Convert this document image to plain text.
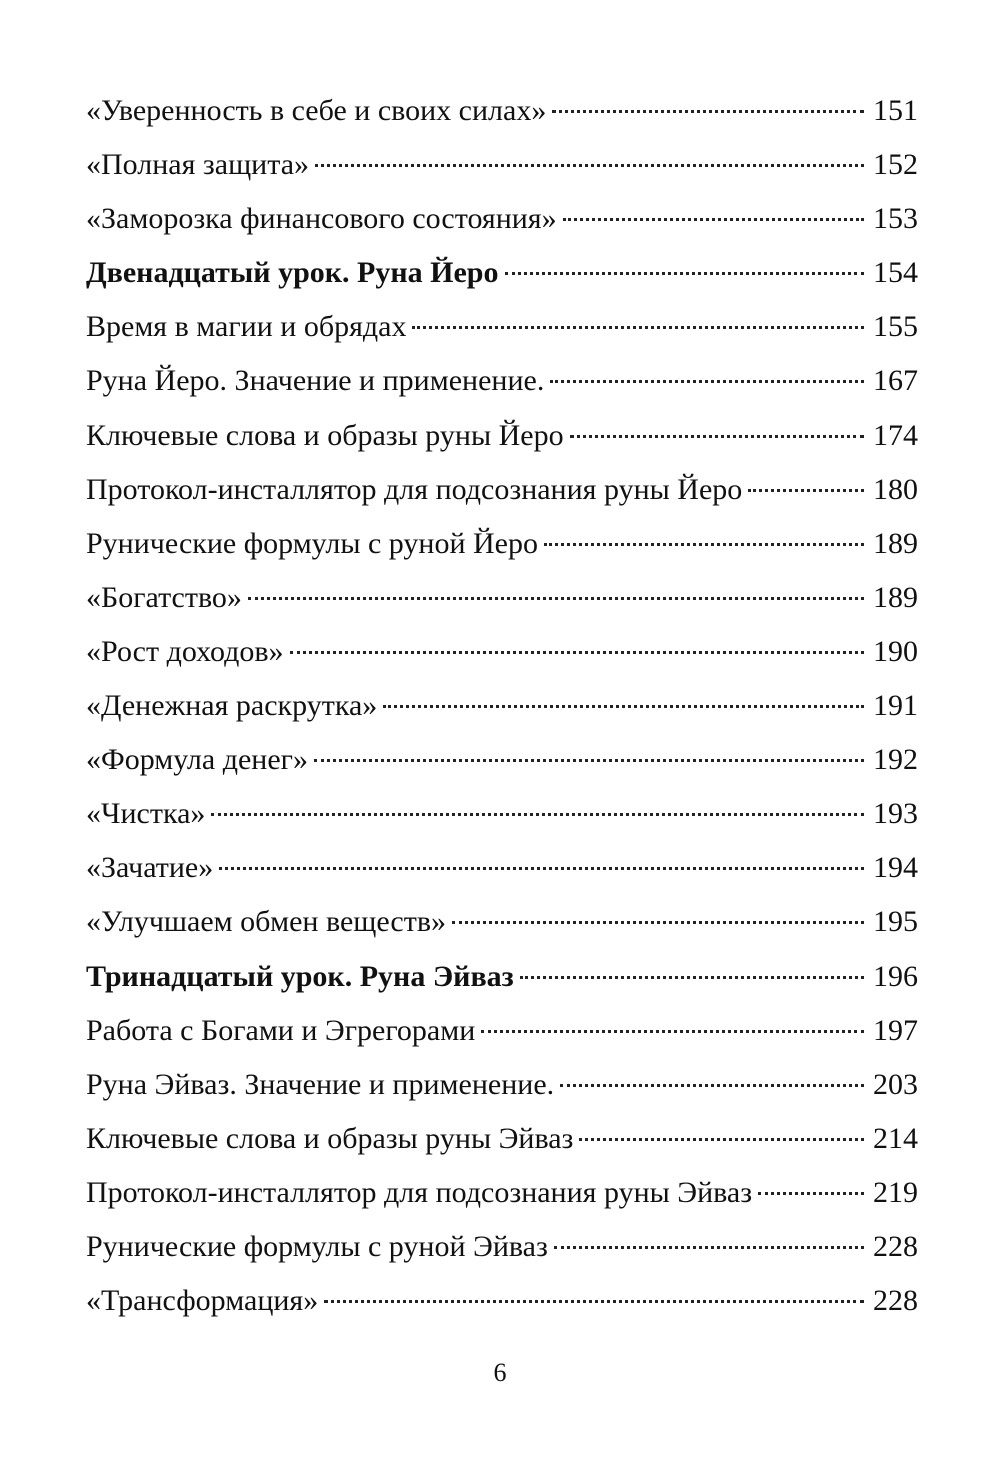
«Уверенность в себе и своих силах»	151
«Полная защита»	152
«Заморозка финансового состояния»	153
Двенадцатый урок. Руна Йеро	154
Время в магии и обрядах	155
Руна Йеро. Значение и применение.	167
Ключевые слова и образы руны Йеро	174
Протокол-инсталлятор для подсознания руны Йеро	180
Рунические формулы с руной Йеро	189
«Богатство»	189
«Рост доходов»	190
«Денежная раскрутка»	191
«Формула денег»	192
«Чистка»	193
«Зачатие»	194
«Улучшаем обмен веществ»	195
Тринадцатый урок. Руна Эйваз	196
Работа с Богами и Эгрегорами	197
Руна Эйваз. Значение и применение.	203
Ключевые слова и образы руны Эйваз	214
Протокол-инсталлятор для подсознания руны Эйваз	219
Рунические формулы с руной Эйваз	228
«Трансформация»	228
6
